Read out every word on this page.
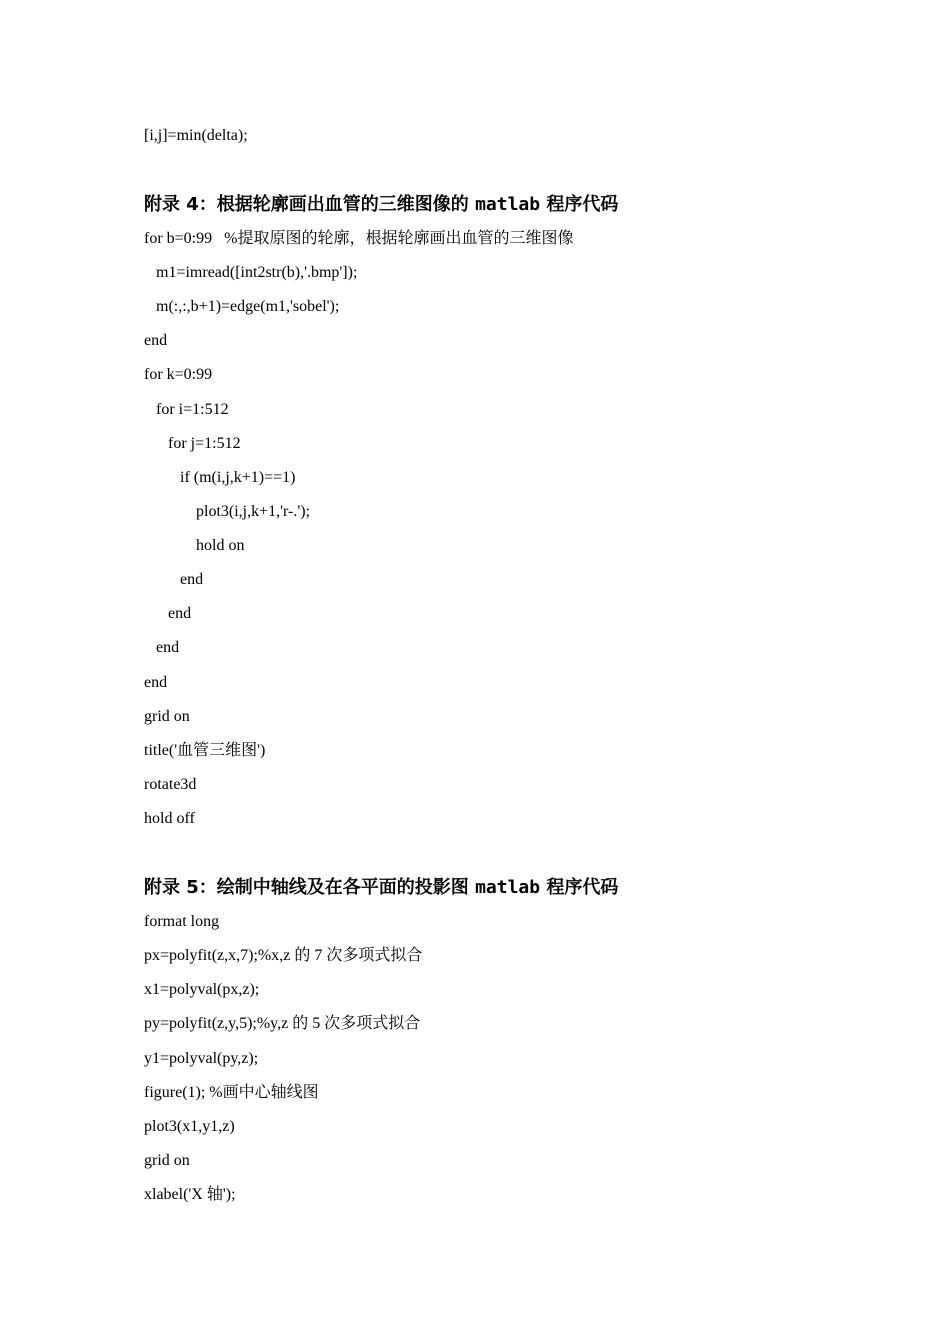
[i,j]=min(delta);
附录 4：根据轮廓画出血管的三维图像的 matlab 程序代码
for b=0:99   %提取原图的轮廓，根据轮廓画出血管的三维图像
m1=imread([int2str(b),'.bmp']);
m(:,:,b+1)=edge(m1,'sobel');
end
for k=0:99
for i=1:512
for j=1:512
if (m(i,j,k+1)==1)
plot3(i,j,k+1,'r-.');
hold on
end
end
end
end
grid on
title('血管三维图')
rotate3d
hold off
附录 5：绘制中轴线及在各平面的投影图 matlab 程序代码
format long
px=polyfit(z,x,7);%x,z 的 7 次多项式拟合
x1=polyval(px,z);
py=polyfit(z,y,5);%y,z 的 5 次多项式拟合
y1=polyval(py,z);
figure(1); %画中心轴线图
plot3(x1,y1,z)
grid on
xlabel('X 轴');
